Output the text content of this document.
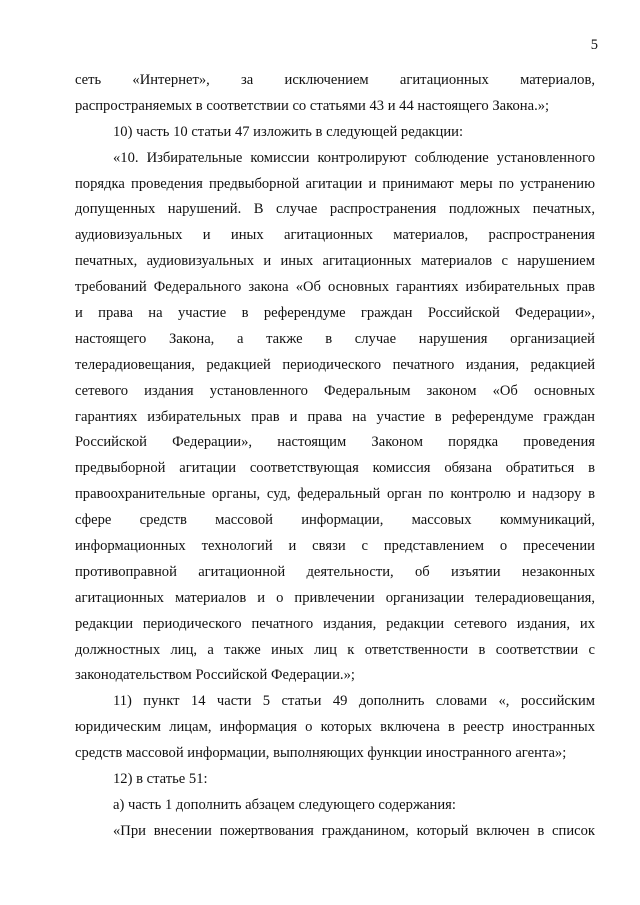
5
сеть «Интернет», за исключением агитационных материалов,
распространяемых в соответствии со статьями 43 и 44 настоящего Закона.»;
10) часть 10 статьи 47 изложить в следующей редакции:
«10. Избирательные комиссии контролируют соблюдение установленного
порядка проведения предвыборной агитации и принимают меры по устранению
допущенных нарушений. В случае распространения подложных печатных,
аудиовизуальных и иных агитационных материалов, распространения
печатных, аудиовизуальных и иных агитационных материалов с нарушением
требований Федерального закона «Об основных гарантиях избирательных прав
и права на участие в референдуме граждан Российской Федерации»,
настоящего Закона, а также в случае нарушения организацией
телерадиовещания, редакцией периодического печатного издания, редакцией
сетевого издания установленного Федеральным законом «Об основных
гарантиях избирательных прав и права на участие в референдуме граждан
Российской Федерации», настоящим Законом порядка проведения
предвыборной агитации соответствующая комиссия обязана обратиться в
правоохранительные органы, суд, федеральный орган по контролю и надзору в
сфере средств массовой информации, массовых коммуникаций,
информационных технологий и связи с представлением о пресечении
противоправной агитационной деятельности, об изъятии незаконных
агитационных материалов и о привлечении организации телерадиовещания,
редакции периодического печатного издания, редакции сетевого издания, их
должностных лиц, а также иных лиц к ответственности в соответствии с
законодательством Российской Федерации.»;
11) пункт 14 части 5 статьи 49 дополнить словами «, российским
юридическим лицам, информация о которых включена в реестр иностранных
средств массовой информации, выполняющих функции иностранного агента»;
12) в статье 51:
а) часть 1 дополнить абзацем следующего содержания:
«При внесении пожертвования гражданином, который включен в список
